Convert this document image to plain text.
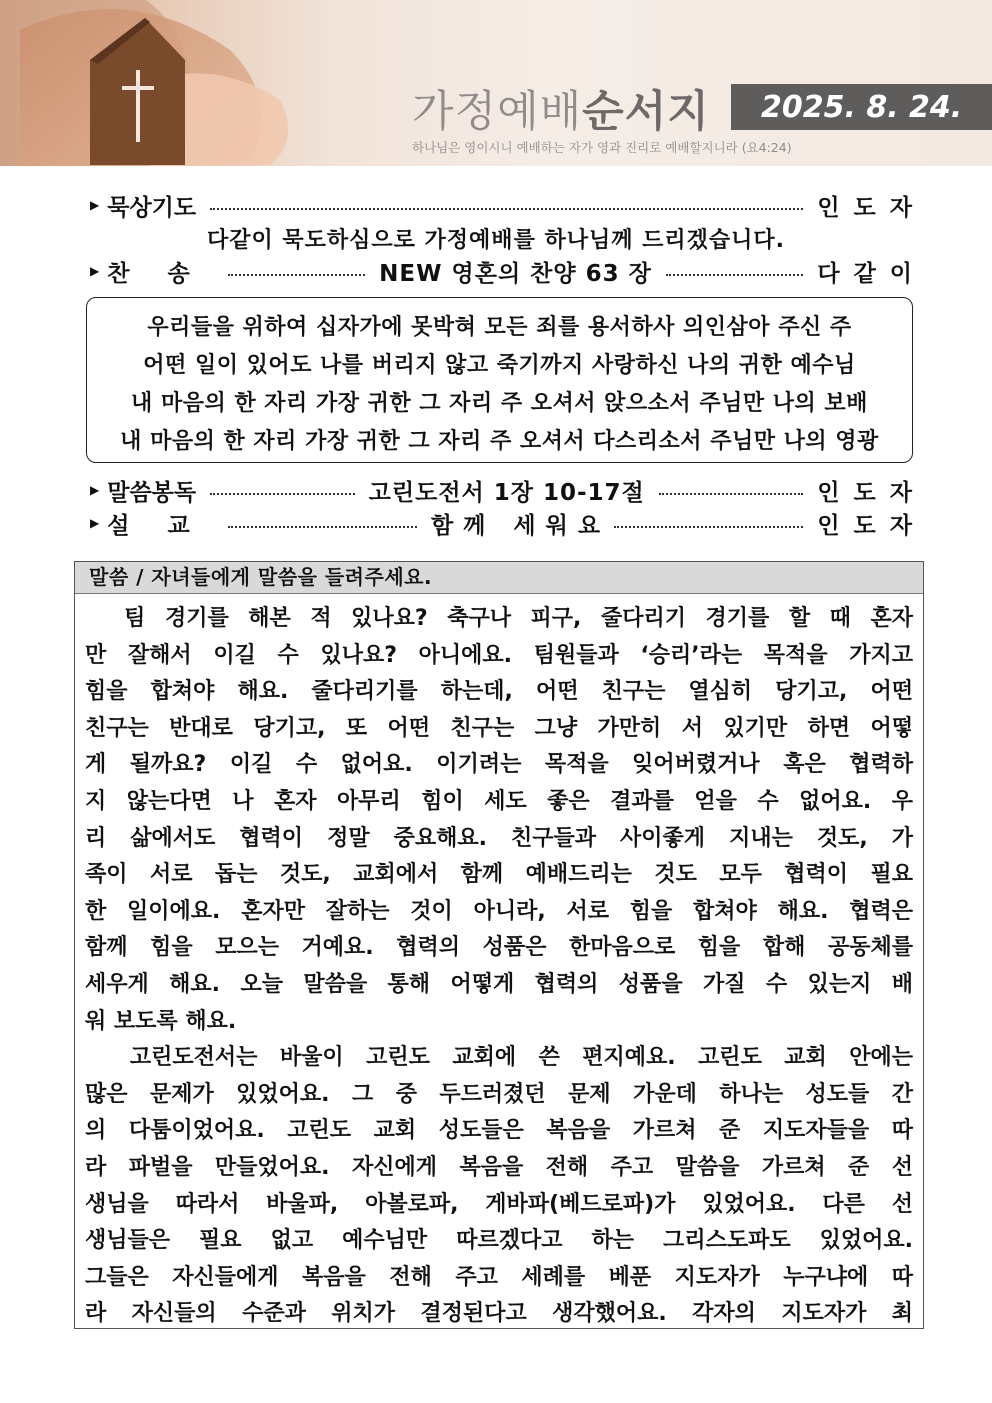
가정예배순서지 2025. 8. 24.
하나님은 영이시니 예배하는 자가 영과 진리로 예배할지니라 (요4:24)
▶ 묵상기도	인도자
다같이 묵도하심으로 가정예배를 하나님께 드리겠습니다.
▶ 찬송	NEW 영혼의 찬양 63 장	다같이
우리들을 위하여 십자가에 못박혀 모든 죄를 용서하사 의인삼아 주신 주
어떤 일이 있어도 나를 버리지 않고 죽기까지 사랑하신 나의 귀한 예수님
내 마음의 한 자리 가장 귀한 그 자리 주 오셔서 앉으소서 주님만 나의 보배
내 마음의 한 자리 가장 귀한 그 자리 주 오셔서 다스리소서 주님만 나의 영광
▶ 말씀봉독	고린도전서 1장 10-17절	인도자
▶ 설교	함께 세워요	인도자
말씀 / 자녀들에게 말씀을 들려주세요.
팀 경기를 해본 적 있나요? 축구나 피구, 줄다리기 경기를 할 때 혼자
만 잘해서 이길 수 있나요? 아니에요. 팀원들과 ‘승리’라는 목적을 가지고
힘을 합쳐야 해요. 줄다리기를 하는데, 어떤 친구는 열심히 당기고, 어떤
친구는 반대로 당기고, 또 어떤 친구는 그냥 가만히 서 있기만 하면 어떻
게 될까요? 이길 수 없어요. 이기려는 목적을 잊어버렸거나 혹은 협력하
지 않는다면 나 혼자 아무리 힘이 세도 좋은 결과를 얻을 수 없어요. 우
리 삶에서도 협력이 정말 중요해요. 친구들과 사이좋게 지내는 것도, 가
족이 서로 돕는 것도, 교회에서 함께 예배드리는 것도 모두 협력이 필요
한 일이에요. 혼자만 잘하는 것이 아니라, 서로 힘을 합쳐야 해요. 협력은
함께 힘을 모으는 거예요. 협력의 성품은 한마음으로 힘을 합해 공동체를
세우게 해요. 오늘 말씀을 통해 어떻게 협력의 성품을 가질 수 있는지 배
워 보도록 해요.
고린도전서는 바울이 고린도 교회에 쓴 편지예요. 고린도 교회 안에는
많은 문제가 있었어요. 그 중 두드러졌던 문제 가운데 하나는 성도들 간
의 다툼이었어요. 고린도 교회 성도들은 복음을 가르쳐 준 지도자들을 따
라 파벌을 만들었어요. 자신에게 복음을 전해 주고 말씀을 가르쳐 준 선
생님을 따라서 바울파, 아볼로파, 게바파(베드로파)가 있었어요. 다른 선
생님들은 필요 없고 예수님만 따르겠다고 하는 그리스도파도 있었어요.
그들은 자신들에게 복음을 전해 주고 세례를 베푼 지도자가 누구냐에 따
라 자신들의 수준과 위치가 결정된다고 생각했어요. 각자의 지도자가 최
